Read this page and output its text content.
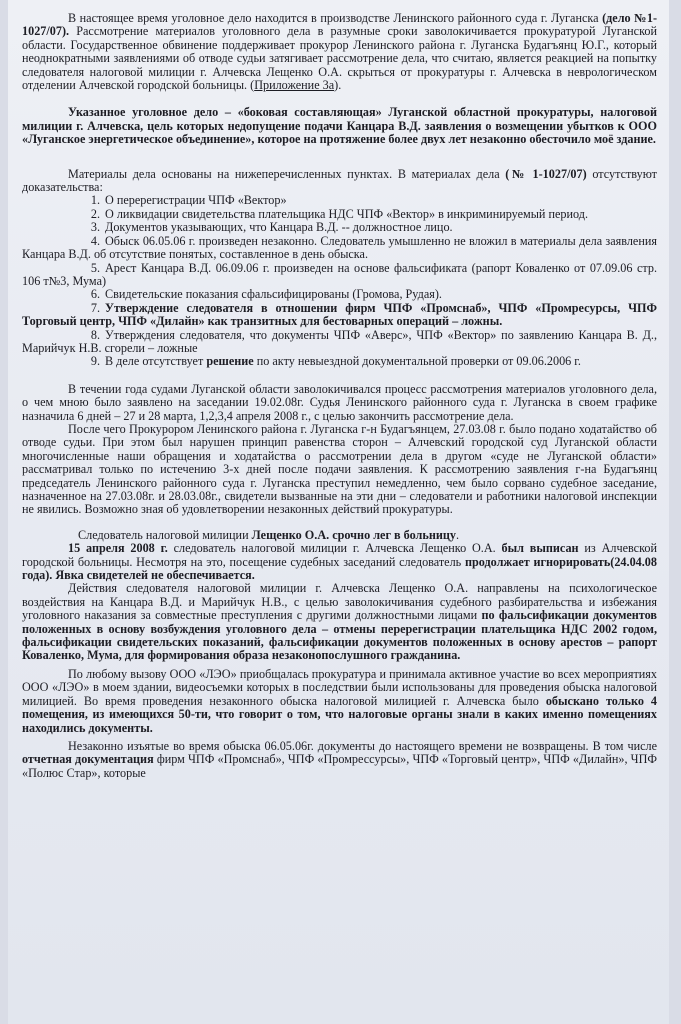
В настоящее время уголовное дело находится в производстве Ленинского районного суда г. Луганска (дело №1-1027/07). Рассмотрение материалов уголовного дела в разумные сроки заволокичивается прокуратурой Луганской области. Государственное обвинение поддерживает прокурор Ленинского района г. Луганска Будагъянц Ю.Г., который неоднократными заявлениями об отводе судьи затягивает рассмотрение дела, что считаю, является реакцией на попытку следователя налоговой милиции г. Алчевска Лещенко О.А. скрыться от прокуратуры г. Алчевска в неврологическом отделении Алчевской городской больницы. (Приложение 3а).

Указанное уголовное дело – «боковая составляющая» Луганской областной прокуратуры, налоговой милиции г. Алчевска, цель которых недопущение подачи Канцара В.Д. заявления о возмещении убытков к ООО «Луганское энергетическое объединение», которое на протяжение более двух лет незаконно обесточило моё здание.

Материалы дела основаны на нижеперечисленных пунктах. В материалах дела (№ 1-1027/07) отсутствуют доказательства:

1. О перерегистрации ЧПФ «Вектор»

2. О ликвидации свидетельства плательщика НДС ЧПФ «Вектор» в инкриминируемый период.

3. Документов указывающих, что Канцара В.Д. -- должностное лицо.

4. Обыск 06.05.06 г. произведен незаконно. Следователь умышленно не вложил в материалы дела заявления Канцара В.Д. об отсутствие понятых, составленное в день обыска.

5. Арест Канцара В.Д. 06.09.06 г. произведен на основе фальсификата (рапорт Коваленко от 07.09.06 стр. 106 т№3, Мума)

6. Свидетельские показания сфальсифицированы (Громова, Рудая).

7. Утверждение следователя в отношении фирм ЧПФ «Промснаб», ЧПФ «Промресурсы, ЧПФ Торговый центр, ЧПФ «Дилайн» как транзитных для бестоварных операций – ложны.

8. Утверждения следователя, что документы ЧПФ «Аверс», ЧПФ «Вектор» по заявлению Канцара В. Д., Марийчук Н.В. сгорели – ложные

9. В деле отсутствует решение по акту невыездной документальной проверки от 09.06.2006 г.

В течении года судами Луганской области заволокичивался процесс рассмотрения материалов уголовного дела, о чем мною было заявлено на заседании 19.02.08г. Судья Ленинского районного суда г. Луганска в своем графике назначила 6 дней – 27 и 28 марта, 1,2,3,4 апреля 2008 г., с целью закончить рассмотрение дела.

После чего Прокурором Ленинского района г. Луганска г-н Будагъянцем, 27.03.08 г. было подано ходатайство об отводе судьи. При этом был нарушен принцип равенства сторон – Алчевский городской суд Луганской области многочисленные наши обращения и ходатайства о рассмотрении дела в другом «суде не Луганской области» рассматривал только по истечению 3-х дней после подачи заявления. К рассмотрению заявления г-на Будагъянц председатель Ленинского районного суда г. Луганска преступил немедленно, чем было сорвано судебное заседание, назначенное на 27.03.08г. и 28.03.08г., свидетели вызванные на эти дни – следователи и работники налоговой инспекции не явились. Возможно зная об удовлетворении незаконных действий прокуратуры.

Следователь налоговой милиции Лещенко О.А. срочно лег в больницу.

15 апреля 2008 г. следователь налоговой милиции г. Алчевска Лещенко О.А. был выписан из Алчевской городской больницы. Несмотря на это, посещение судебных заседаний следователь продолжает игнорировать(24.04.08 года). Явка свидетелей не обеспечивается.

Действия следователя налоговой милиции г. Алчевска Лещенко О.А. направлены на психологическое воздействия на Канцара В.Д. и Марийчук Н.В., с целью заволокичивания судебного разбирательства и избежания уголовного наказания за совместные преступления с другими должностными лицами по фальсификации документов положенных в основу возбуждения уголовного дела – отмены перерегистрации плательщика НДС 2002 годом, фальсификации свидетельских показаний, фальсификации документов положенных в основу арестов – рапорт Коваленко, Мума, для формирования образа незаконопослушного гражданина.

По любому вызову ООО «ЛЭО» приобщалась прокуратура и принимала активное участие во всех мероприятиях ООО «ЛЭО» в моем здании, видеосъемки которых в последствии были использованы для проведения обыска налоговой милицией. Во время проведения незаконного обыска налоговой милицией г. Алчевска было обыскано только 4 помещения, из имеющихся 50-ти, что говорит о том, что налоговые органы знали в каких именно помещениях находились документы.

Незаконно изъятые во время обыска 06.05.06г. документы до настоящего времени не возвращены. В том числе отчетная документация фирм ЧПФ «Промснаб», ЧПФ «Промрессурсы», ЧПФ «Торговый центр», ЧПФ «Дилайн», ЧПФ «Полюс Стар», которые
